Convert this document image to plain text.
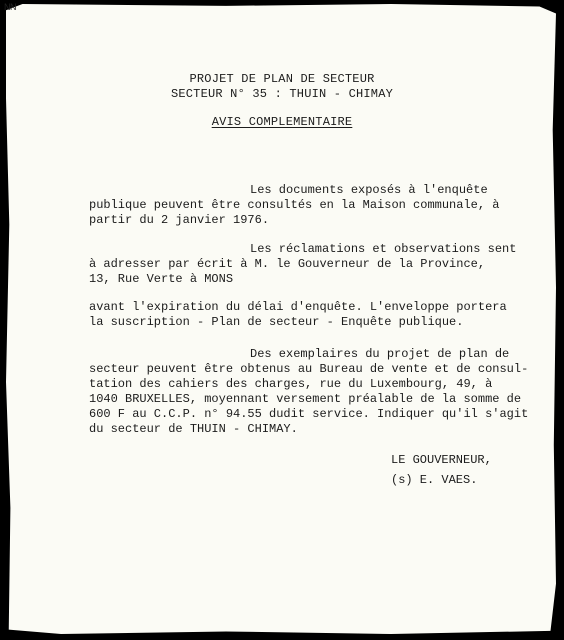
NN
PROJET DE PLAN DE SECTEUR
SECTEUR N° 35 : THUIN - CHIMAY
AVIS COMPLEMENTAIRE
Les documents exposés à l'enquête
publique peuvent être consultés en la Maison communale, à
partir du 2 janvier 1976.
Les réclamations et observations sent
à adresser par écrit à M. le Gouverneur de la Province,
13, Rue Verte à MONS
avant l'expiration du délai d'enquête. L'enveloppe portera
la suscription - Plan de secteur - Enquête publique.
Des exemplaires du projet de plan de
secteur peuvent être obtenus au Bureau de vente et de consul-
tation des cahiers des charges, rue du Luxembourg, 49, à
1040 BRUXELLES, moyennant versement préalable de la somme de
600 F au C.C.P. n° 94.55 dudit service. Indiquer qu'il s'agit
du secteur de THUIN - CHIMAY.
LE GOUVERNEUR,
(s) E. VAES.
